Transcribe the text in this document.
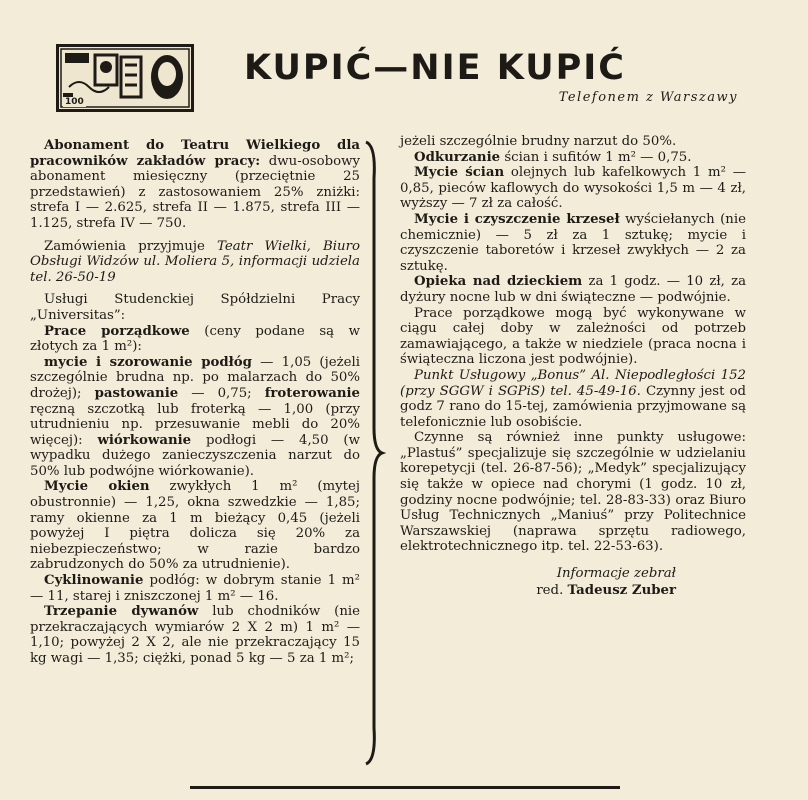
100
KUPIĆ—NIE KUPIĆ
Telefonem z Warszawy

Abonament do Teatru Wielkiego dla pracowników zakładów pracy: dwu-osobowy abonament miesięczny (przeciętnie 25 przedstawień) z zastosowaniem 25% zniżki: strefa I — 2.625, strefa II — 1.875, strefa III — 1.125, strefa IV — 750.

Zamówienia przyjmuje Teatr Wielki, Biuro Obsługi Widzów ul. Moliera 5, informacji udziela tel. 26-50-19

Usługi Studenckiej Spółdzielni Pracy „Universitas”:

Prace porządkowe (ceny podane są w złotych za 1 m²):

mycie i szorowanie podłóg — 1,05 (jeżeli szczególnie brudna np. po malarzach do 50% drożej); pastowanie — 0,75; froterowanie ręczną szczotką lub froterką — 1,00 (przy utrudnieniu np. przesuwanie mebli do 20% więcej): wiórkowanie podłogi — 4,50 (w wypadku dużego zanieczyszczenia narzut do 50% lub podwójne wiórkowanie).

Mycie okien zwykłych 1 m² (mytej obustronnie) — 1,25, okna szwedzkie — 1,85; ramy okienne za 1 m bieżący 0,45 (jeżeli powyżej I piętra dolicza się 20% za niebezpieczeństwo; w razie bardzo zabrudzonych do 50% za utrudnienie).

Cyklinowanie podłóg: w dobrym stanie 1 m² — 11, starej i zniszczonej 1 m² — 16.

Trzepanie dywanów lub chodników (nie przekraczających wymiarów 2 X 2 m) 1 m² — 1,10; powyżej 2 X 2, ale nie przekraczający 15 kg wagi — 1,35; ciężki, ponad 5 kg — 5 za 1 m²;

jeżeli szczególnie brudny narzut do 50%.

Odkurzanie ścian i sufitów 1 m² — 0,75.

Mycie ścian olejnych lub kafelkowych 1 m² — 0,85, pieców kaflowych do wysokości 1,5 m — 4 zł, wyższy — 7 zł za całość.

Mycie i czyszczenie krzeseł wyściełanych (nie chemicznie) — 5 zł za 1 sztukę; mycie i czyszczenie taboretów i krzeseł zwykłych — 2 za sztukę.

Opieka nad dzieckiem za 1 godz. — 10 zł, za dyżury nocne lub w dni świąteczne — podwójnie.

Prace porządkowe mogą być wykonywane w ciągu całej doby w zależności od potrzeb zamawiającego, a także w niedziele (praca nocna i świąteczna liczona jest podwójnie).

Punkt Usługowy „Bonus” Al. Niepodległości 152 (przy SGGW i SGPiS) tel. 45-49-16. Czynny jest od godz 7 rano do 15-tej, zamówienia przyjmowane są telefonicznie lub osobiście.

Czynne są również inne punkty usługowe: „Plastuś” specjalizuje się szczególnie w udzielaniu korepetycji (tel. 26-87-56); „Medyk” specjalizujący się także w opiece nad chorymi (1 godz. 10 zł, godziny nocne podwójnie; tel. 28-83-33) oraz Biuro Usług Technicznych „Maniuś” przy Politechnice Warszawskiej (naprawa sprzętu radiowego, elektrotechnicznego itp. tel. 22-53-63).

Informacje zebrał
red. Tadeusz Zuber
